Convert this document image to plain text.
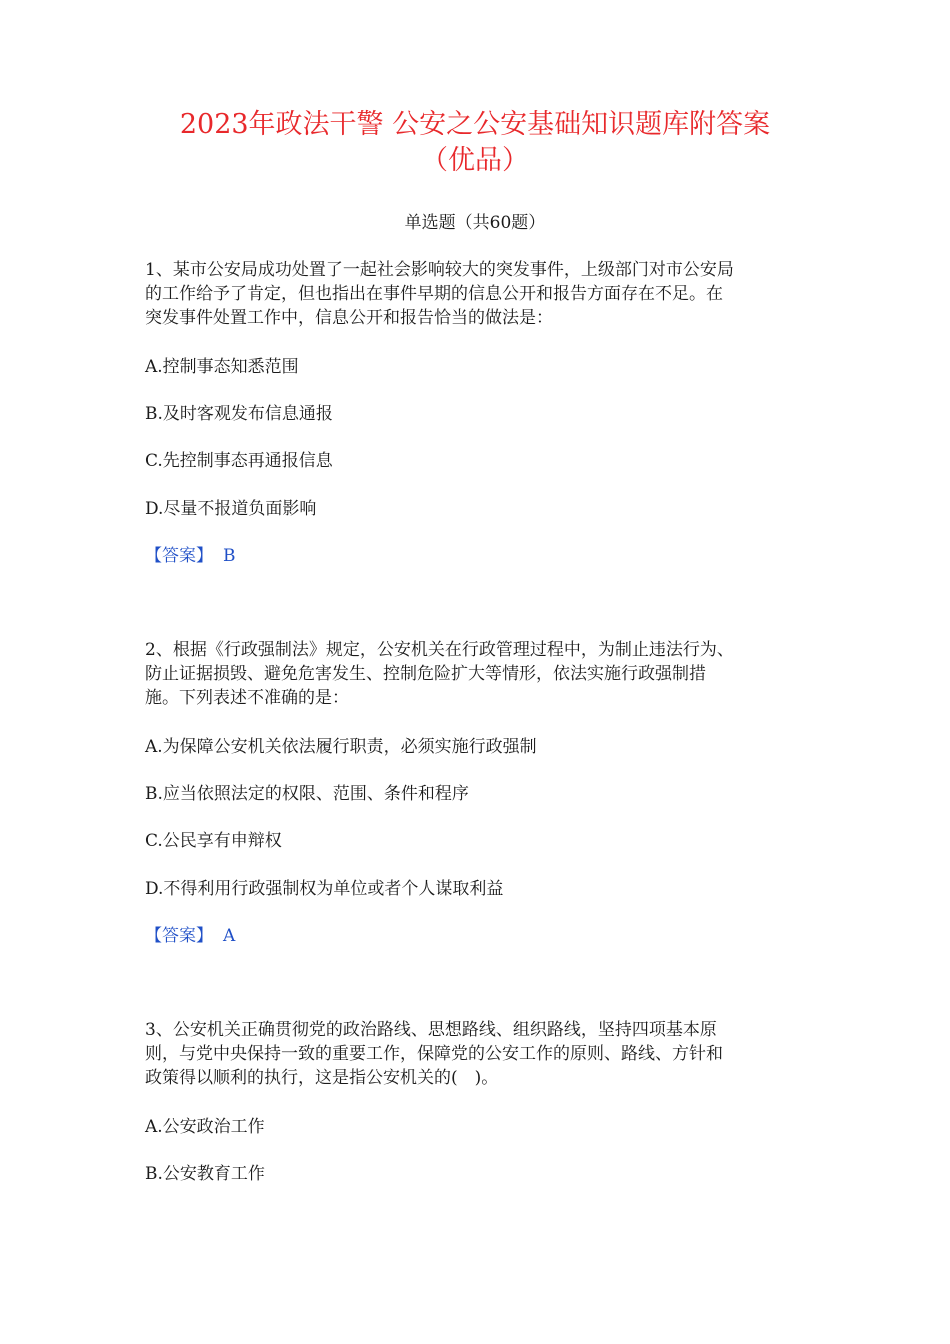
2023年政法干警 公安之公安基础知识题库附答案
（优品）
单选题（共60题）
1、某市公安局成功处置了一起社会影响较大的突发事件，上级部门对市公安局
的工作给予了肯定，但也指出在事件早期的信息公开和报告方面存在不足。在
突发事件处置工作中，信息公开和报告恰当的做法是：
A.控制事态知悉范围
B.及时客观发布信息通报
C.先控制事态再通报信息
D.尽量不报道负面影响
【答案】 B
2、根据《行政强制法》规定，公安机关在行政管理过程中，为制止违法行为、
防止证据损毁、避免危害发生、控制危险扩大等情形，依法实施行政强制措
施。下列表述不准确的是：
A.为保障公安机关依法履行职责，必须实施行政强制
B.应当依照法定的权限、范围、条件和程序
C.公民享有申辩权
D.不得利用行政强制权为单位或者个人谋取利益
【答案】 A
3、公安机关正确贯彻党的政治路线、思想路线、组织路线，坚持四项基本原
则，与党中央保持一致的重要工作，保障党的公安工作的原则、路线、方针和
政策得以顺利的执行，这是指公安机关的(　)。
A.公安政治工作
B.公安教育工作
